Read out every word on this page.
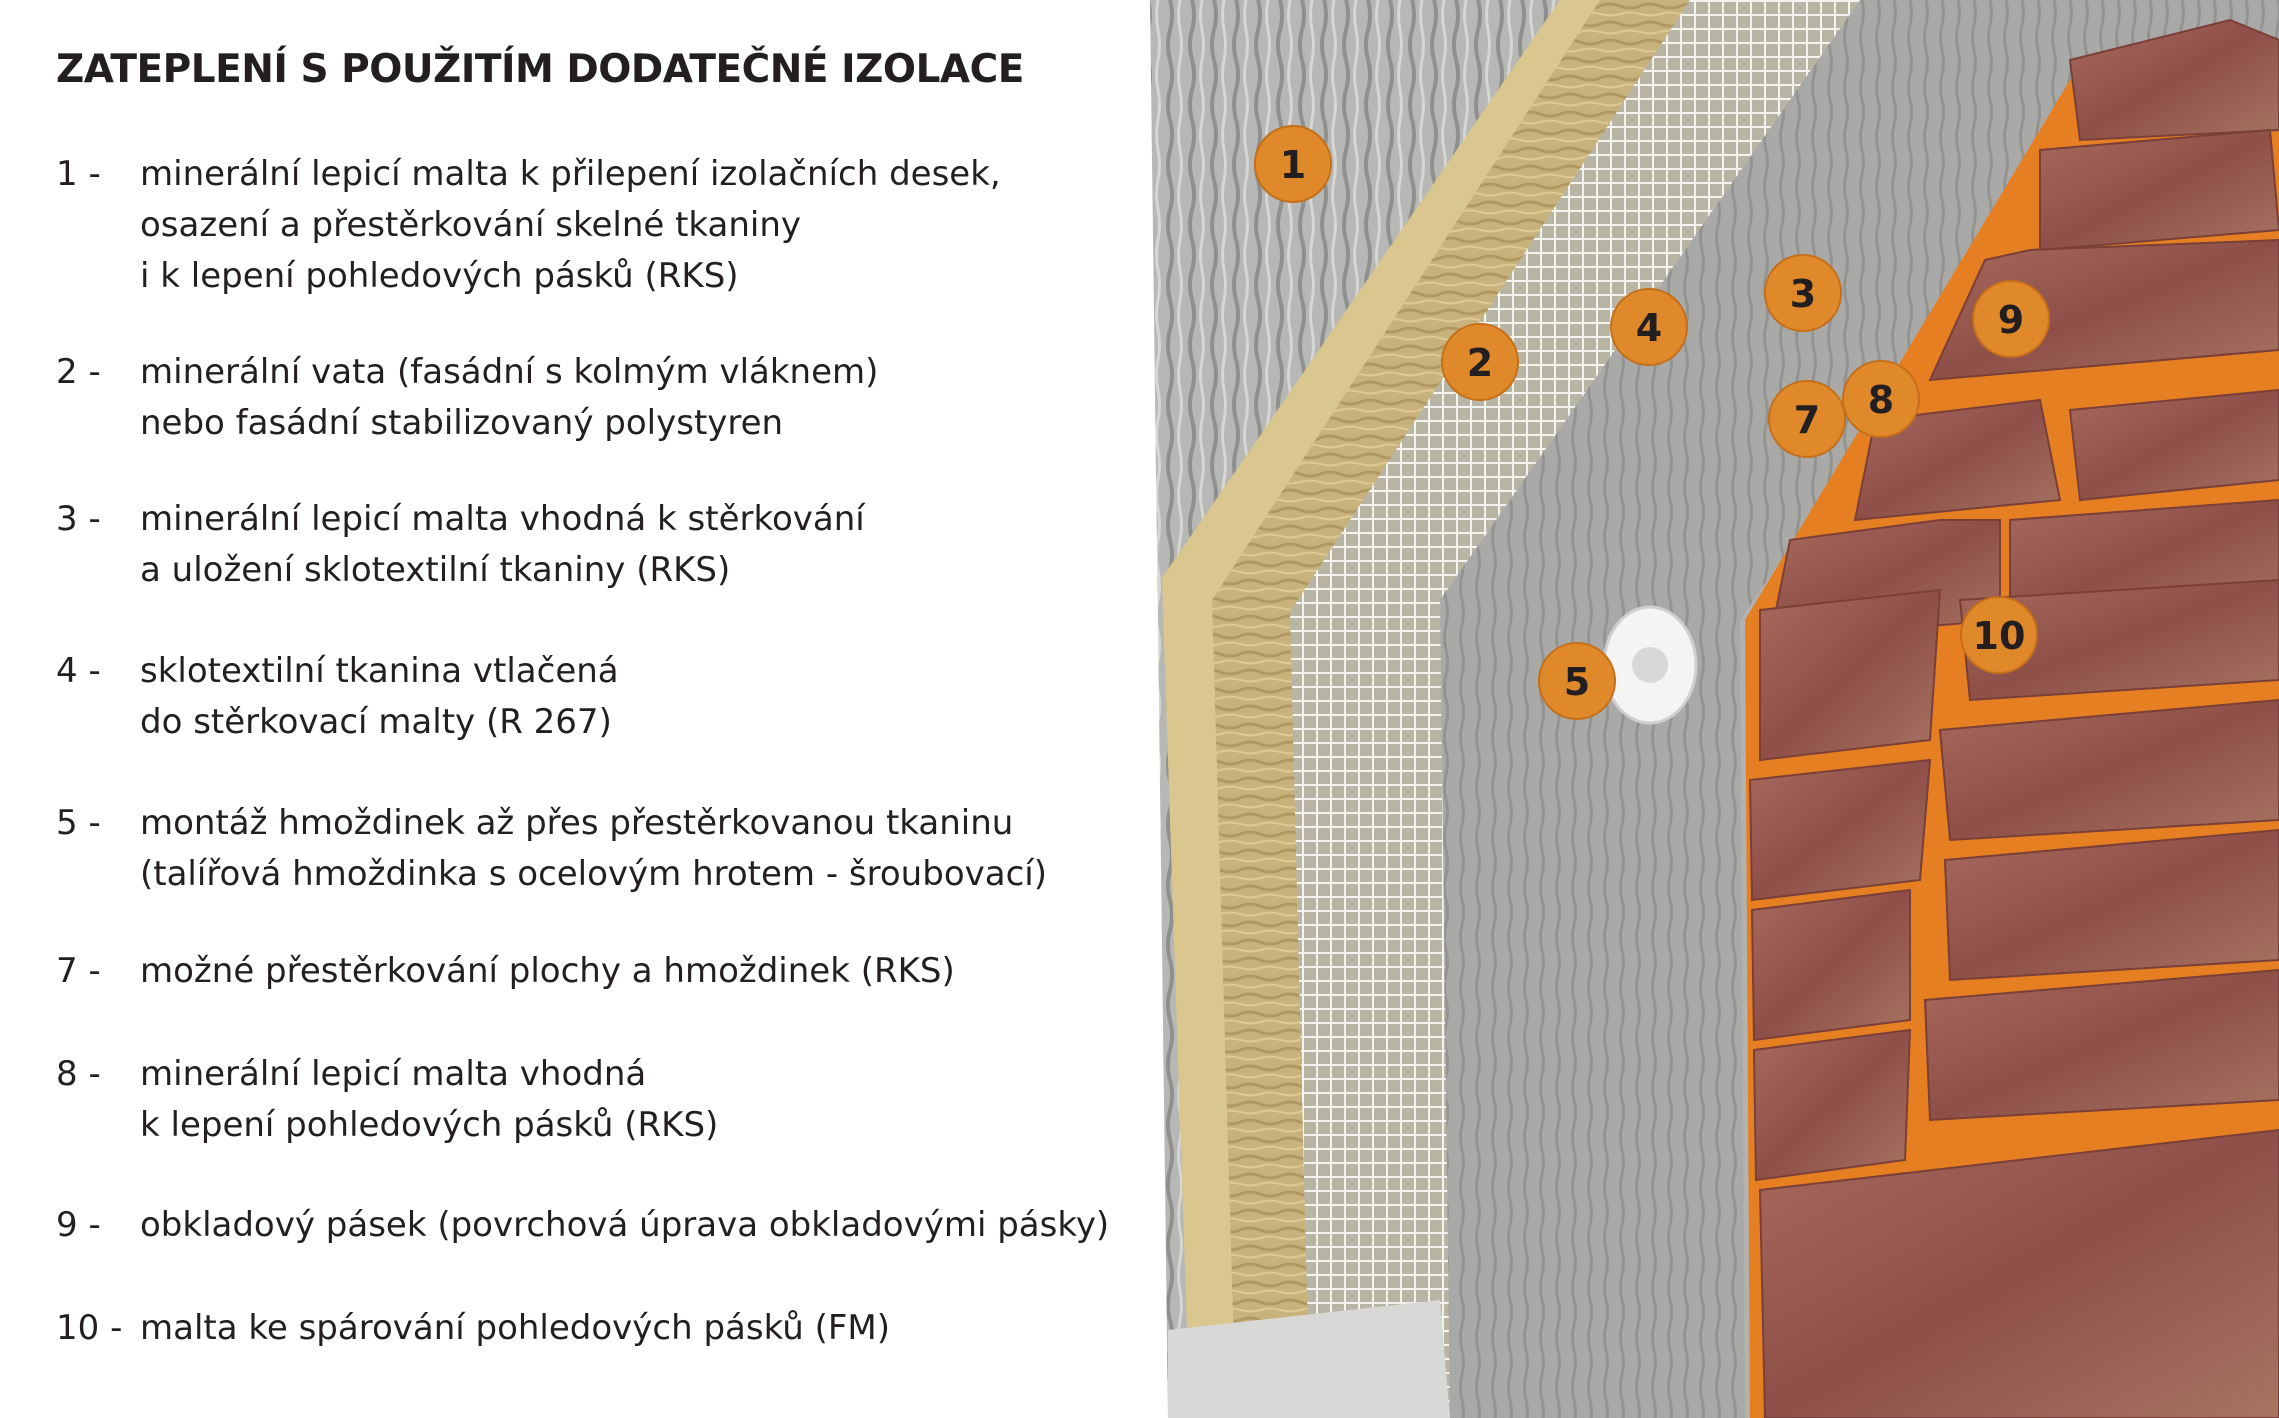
1
2
3
4
5
7 8
9
10
ZATEPLENÍ S POUŽITÍM DODATEČNÉ IZOLACE
1 -	minerální lepicí malta k přilepení izolačních desek,
osazení a přestěrkování skelné tkaniny
i k lepení pohledových pásků (RKS)
2 -	minerální vata (fasádní s kolmým vláknem)
nebo fasádní stabilizovaný polystyren
3 -	minerální lepicí malta vhodná k stěrkování
a uložení sklotextilní tkaniny (RKS)
4 -	sklotextilní tkanina vtlačená
do stěrkovací malty (R 267)
5 -	montáž hmoždinek až přes přestěrkovanou tkaninu
(talířová hmoždinka s ocelovým hrotem - šroubovací)
7 -	možné přestěrkování plochy a hmoždinek (RKS)
8 -	minerální lepicí malta vhodná
k lepení pohledových pásků (RKS)
9 -	obkladový pásek (povrchová úprava obkladovými pásky)
10 - malta ke spárování pohledových pásků (FM)
